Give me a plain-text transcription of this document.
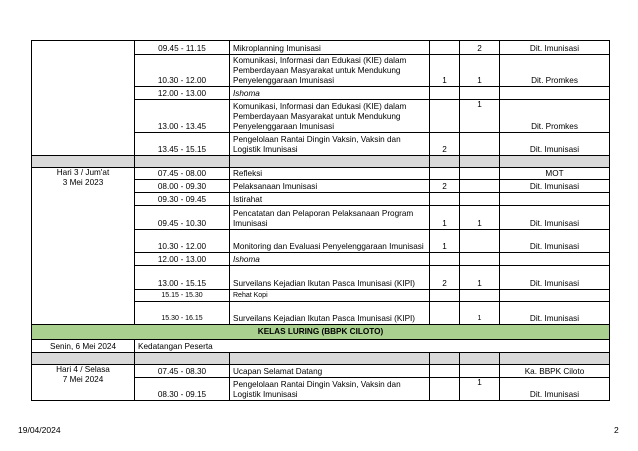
	09.45 - 11.15	Mikroplanning Imunisasi		2	Dit. Imunisasi
	10.30 - 12.00	Komunikasi, Informasi dan Edukasi (KIE) dalam Pemberdayaan Masyarakat untuk Mendukung Penyelenggaraan Imunisasi	1	1	Dit. Promkes
	12.00 - 13.00	Ishoma			
	13.00 - 13.45	Komunikasi, Informasi dan Edukasi (KIE) dalam Pemberdayaan Masyarakat untuk Mendukung Penyelenggaraan Imunisasi		1	Dit. Promkes
	13.45 - 15.15	Pengelolaan Rantai Dingin Vaksin, Vaksin dan Logistik Imunisasi	2		Dit. Imunisasi

Hari 3 / Jum'at
3 Mei 2023	07.45 - 08.00	Refleksi			MOT
	08.00 - 09.30	Pelaksanaan Imunisasi	2		Dit. Imunisasi
	09.30 - 09.45	Istirahat			
	09.45 - 10.30	Pencatatan dan Pelaporan Pelaksanaan Program Imunisasi	1	1	Dit. Imunisasi
	10.30 - 12.00	Monitoring dan Evaluasi Penyelenggaraan Imunisasi	1		Dit. Imunisasi
	12.00 - 13.00	Ishoma			
	13.00 - 15.15	Surveilans Kejadian Ikutan Pasca Imunisasi (KIPI)	2	1	Dit. Imunisasi
	15.15 - 15.30	Rehat Kopi			
	15.30 - 16.15	Surveilans Kejadian Ikutan Pasca Imunisasi (KIPI)		1	Dit. Imunisasi
KELAS LURING (BBPK CILOTO)					
Senin, 6 Mei 2024	Kedatangan Peserta				

Hari 4 / Selasa
7 Mei 2024	07.45 - 08.30	Ucapan Selamat Datang			Ka. BBPK Ciloto
	08.30 - 09.15	Pengelolaan Rantai Dingin Vaksin, Vaksin dan Logistik Imunisasi		1	Dit. Imunisasi
19/04/2024	2
